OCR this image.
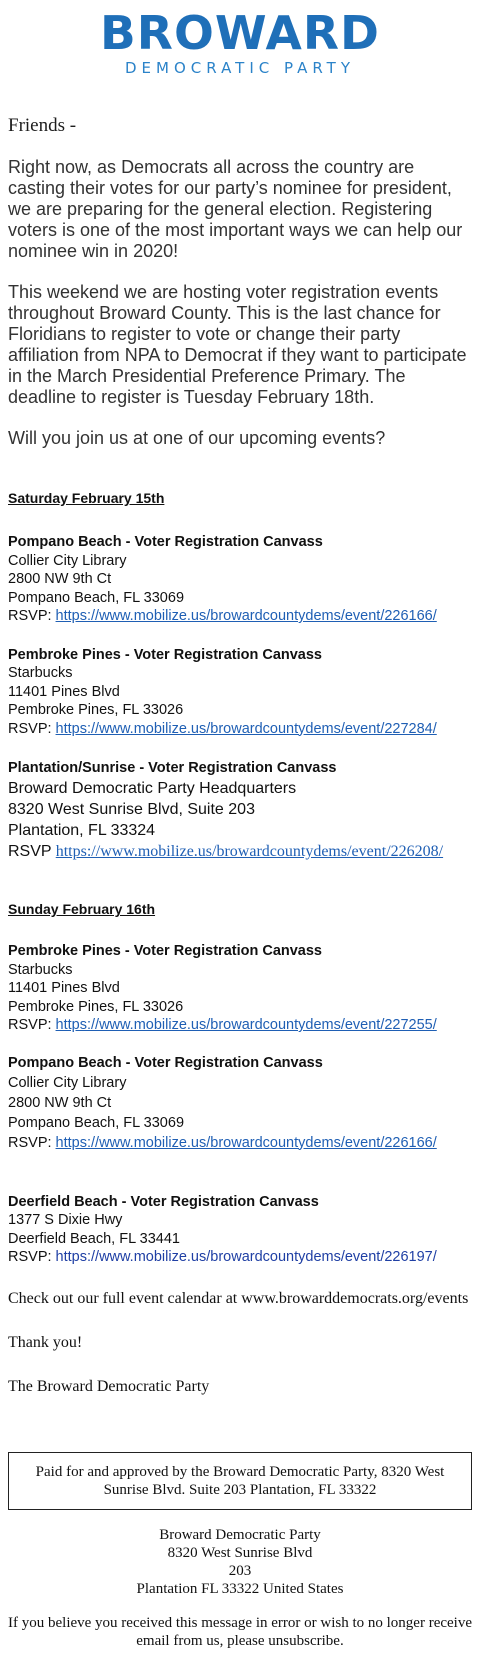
BROWARD
DEMOCRATIC PARTY
Friends -
Right now, as Democrats all across the country are casting their votes for our party’s nominee for president, we are preparing for the general election. Registering voters is one of the most important ways we can help our nominee win in 2020!
This weekend we are hosting voter registration events throughout Broward County. This is the last chance for Floridians to register to vote or change their party affiliation from NPA to Democrat if they want to participate in the March Presidential Preference Primary. The deadline to register is Tuesday February 18th.
Will you join us at one of our upcoming events?
Saturday February 15th
Pompano Beach - Voter Registration Canvass
Collier City Library
2800 NW 9th Ct
Pompano Beach, FL 33069
RSVP: https://www.mobilize.us/browardcountydems/event/226166/
Pembroke Pines - Voter Registration Canvass
Starbucks
11401 Pines Blvd
Pembroke Pines, FL 33026
RSVP: https://www.mobilize.us/browardcountydems/event/227284/
Plantation/Sunrise - Voter Registration Canvass
Broward Democratic Party Headquarters
8320 West Sunrise Blvd, Suite 203
Plantation, FL 33324
RSVP https://www.mobilize.us/browardcountydems/event/226208/
Sunday February 16th
Pembroke Pines - Voter Registration Canvass
Starbucks
11401 Pines Blvd
Pembroke Pines, FL 33026
RSVP: https://www.mobilize.us/browardcountydems/event/227255/
Pompano Beach - Voter Registration Canvass
Collier City Library
2800 NW 9th Ct
Pompano Beach, FL 33069
RSVP: https://www.mobilize.us/browardcountydems/event/226166/
Deerfield Beach - Voter Registration Canvass
1377 S Dixie Hwy
Deerfield Beach, FL 33441
RSVP: https://www.mobilize.us/browardcountydems/event/226197/
Check out our full event calendar at www.browarddemocrats.org/events
Thank you!
The Broward Democratic Party
Paid for and approved by the Broward Democratic Party, 8320 West Sunrise Blvd. Suite 203 Plantation, FL 33322
Broward Democratic Party
8320 West Sunrise Blvd
203
Plantation FL 33322 United States
If you believe you received this message in error or wish to no longer receive email from us, please unsubscribe.
